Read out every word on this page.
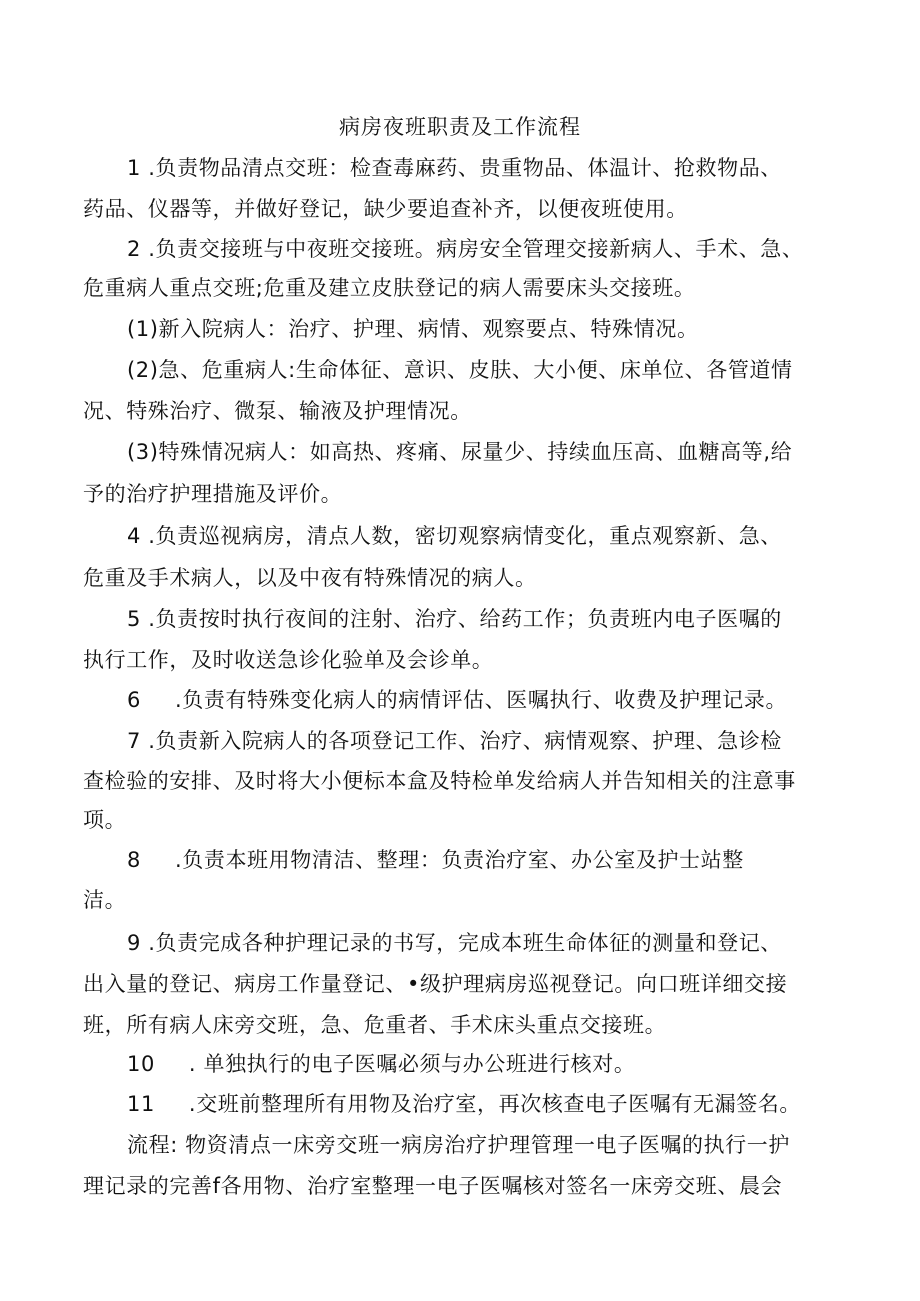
病房夜班职责及工作流程
1 .负责物品清点交班：检查毒麻药、贵重物品、体温计、抢救物品、
药品、仪器等，并做好登记，缺少要追查补齐，以便夜班使用。
2 .负责交接班与中夜班交接班。病房安全管理交接新病人、手术、急、
危重病人重点交班;危重及建立皮肤登记的病人需要床头交接班。
(1)新入院病人：治疗、护理、病情、观察要点、特殊情况。
(2)急、危重病人:生命体征、意识、皮肤、大小便、床单位、各管道情
况、特殊治疗、微泵、输液及护理情况。
(3)特殊情况病人：如高热、疼痛、尿量少、持续血压高、血糖高等,给
予的治疗护理措施及评价。
4 .负责巡视病房，清点人数，密切观察病情变化，重点观察新、急、
危重及手术病人，以及中夜有特殊情况的病人。
5 .负责按时执行夜间的注射、治疗、给药工作；负责班内电子医嘱的
执行工作，及时收送急诊化验单及会诊单。
6 .负责有特殊变化病人的病情评估、医嘱执行、收费及护理记录。
7 .负责新入院病人的各项登记工作、治疗、病情观察、护理、急诊检
查检验的安排、及时将大小便标本盒及特检单发给病人并告知相关的注意事
项。
8 .负责本班用物清洁、整理：负责治疗室、办公室及护士站整
洁。
9 .负责完成各种护理记录的书写，完成本班生命体征的测量和登记、
出入量的登记、病房工作量登记、•级护理病房巡视登记。向口班详细交接
班，所有病人床旁交班，急、危重者、手术床头重点交接班。
10 . 单独执行的电子医嘱必须与办公班进行核对。
11 .交班前整理所有用物及治疗室，再次核查电子医嘱有无漏签名。
流程: 物资清点一床旁交班一病房治疗护理管理一电子医嘱的执行一护
理记录的完善f各用物、治疗室整理一电子医嘱核对签名一床旁交班、晨会
